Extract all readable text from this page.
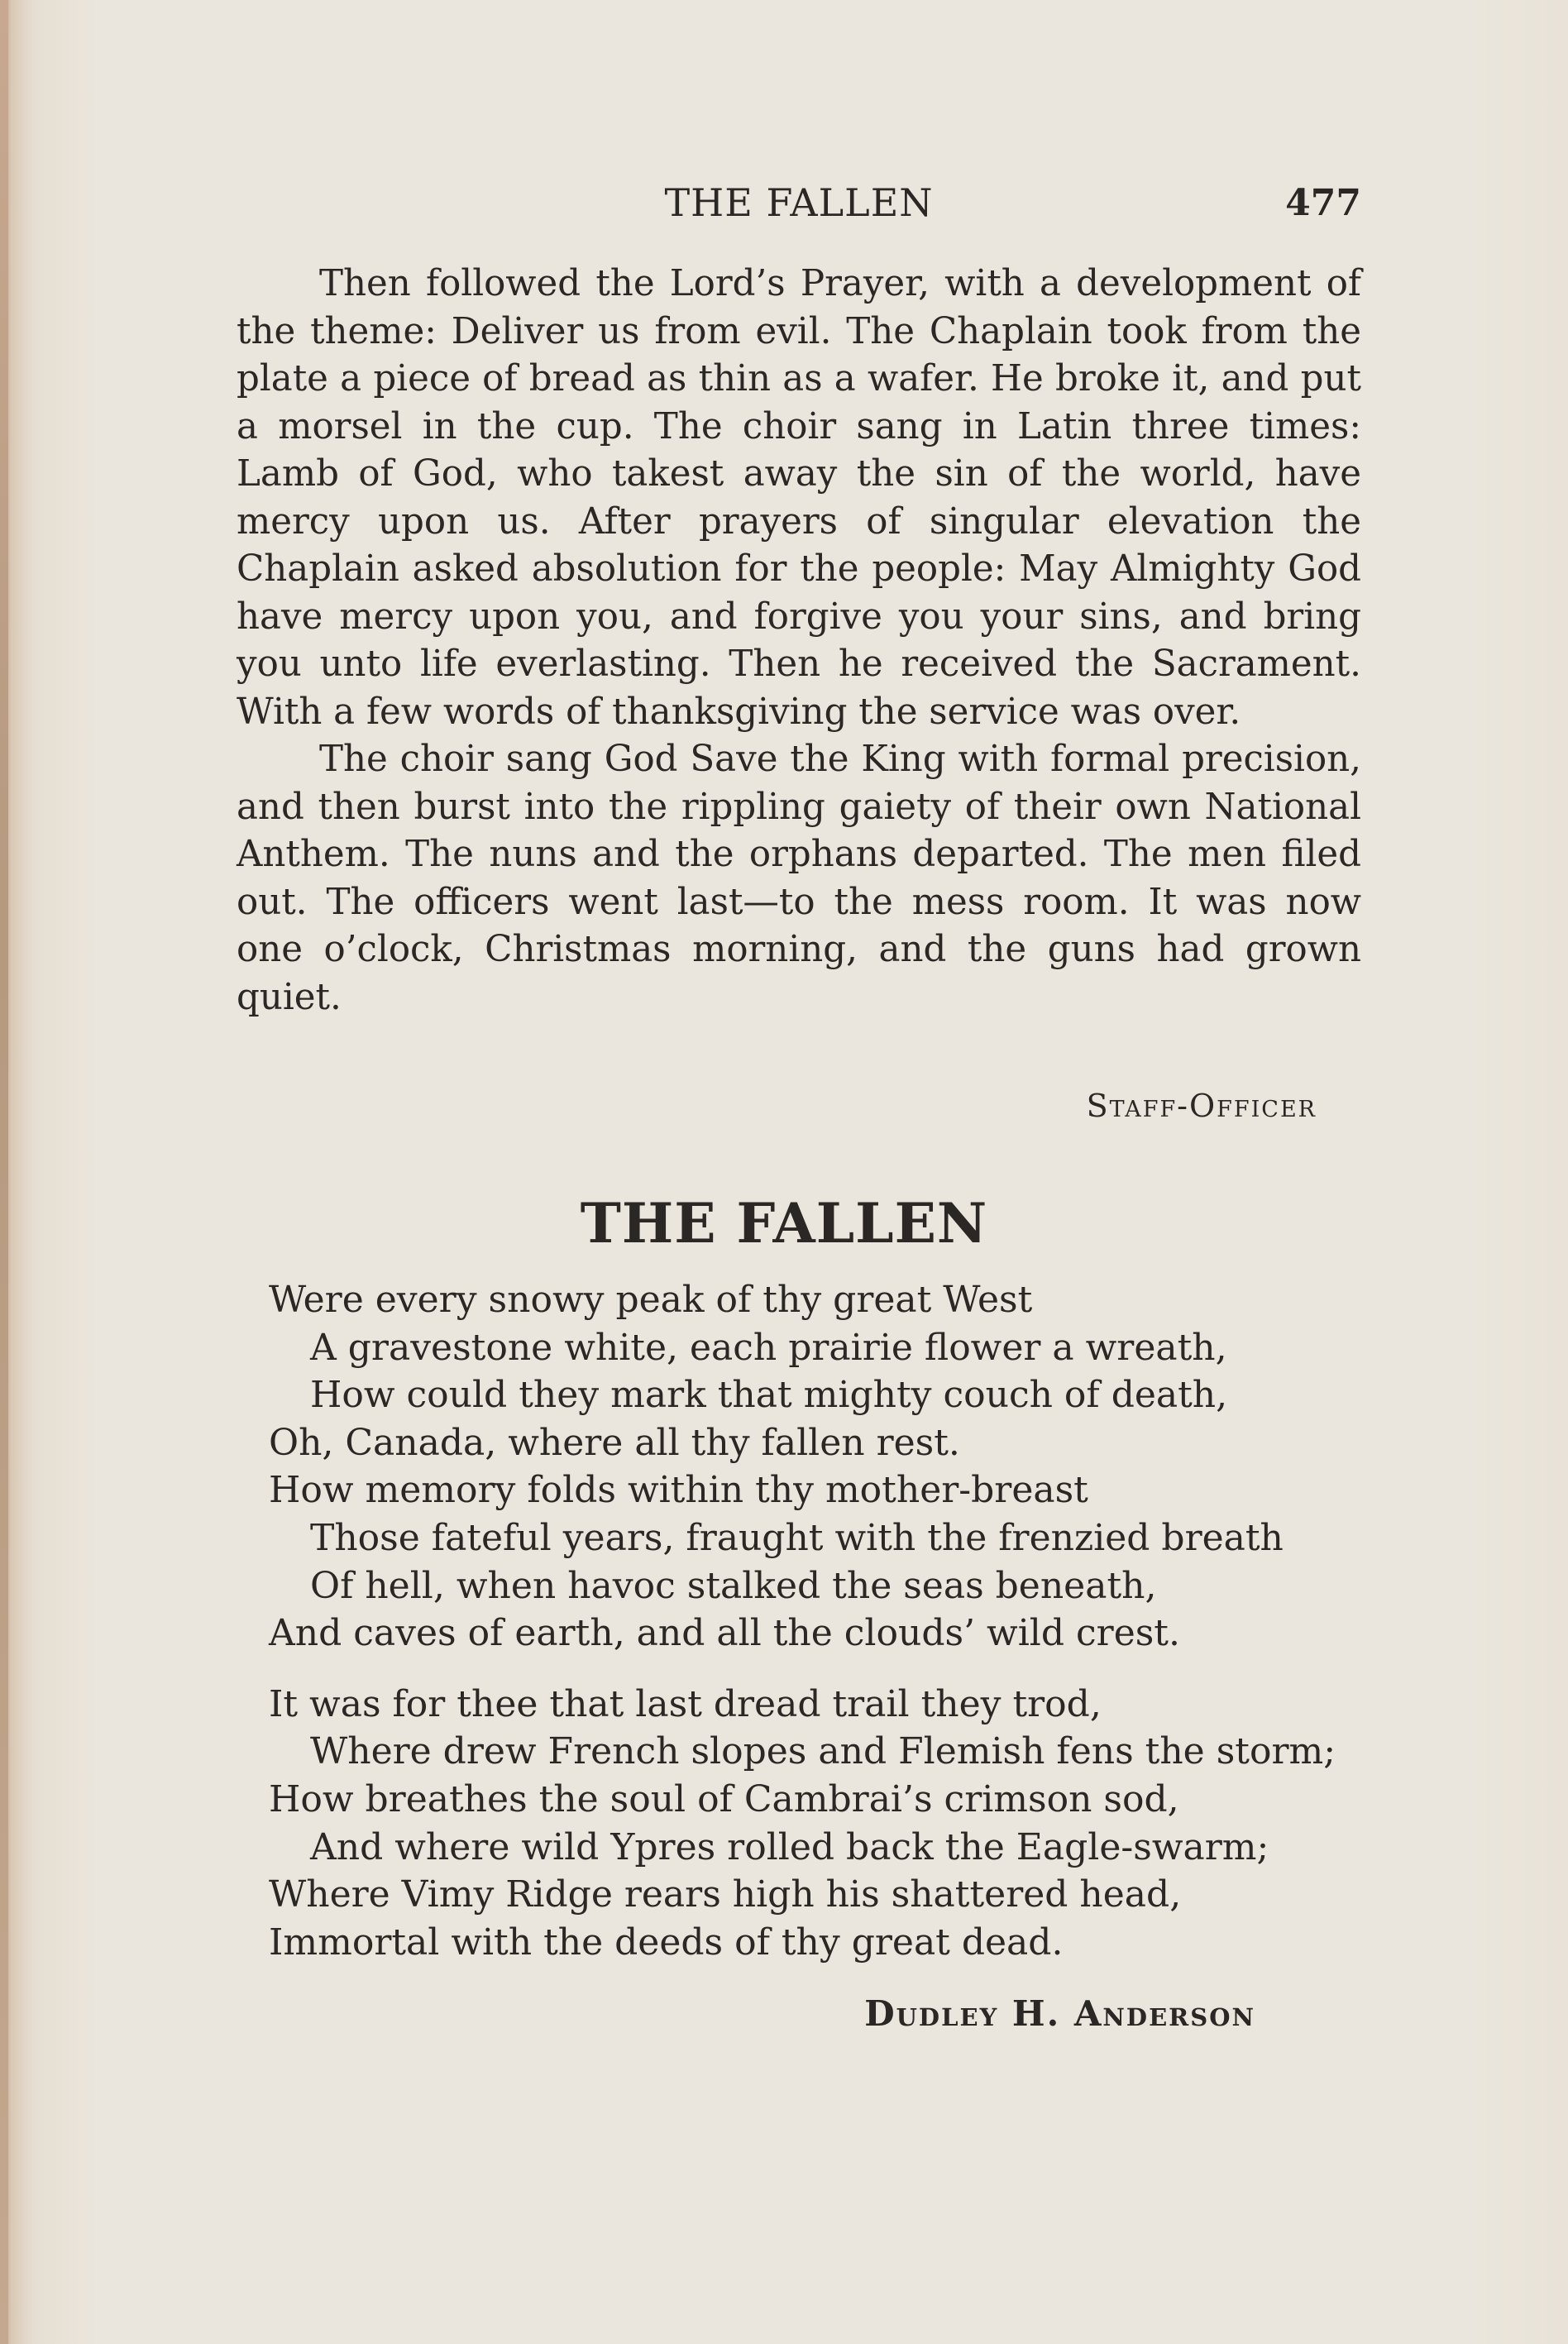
THE FALLEN	477

Then followed the Lord’s Prayer, with a development of the theme: Deliver us from evil. The Chaplain took from the plate a piece of bread as thin as a wafer. He broke it, and put a morsel in the cup. The choir sang in Latin three times: Lamb of God, who takest away the sin of the world, have mercy upon us. After prayers of singular elevation the Chaplain asked absolution for the people: May Almighty God have mercy upon you, and forgive you your sins, and bring you unto life everlasting. Then he received the Sacrament. With a few words of thanksgiving the service was over.

The choir sang God Save the King with formal precision, and then burst into the rippling gaiety of their own National Anthem. The nuns and the orphans departed. The men filed out. The officers went last—to the mess room. It was now one o’clock, Christmas morning, and the guns had grown quiet.

Staff-Officer
THE FALLEN
Were every snowy peak of thy great West
A gravestone white, each prairie flower a wreath,
How could they mark that mighty couch of death,
Oh, Canada, where all thy fallen rest.
How memory folds within thy mother-breast
Those fateful years, fraught with the frenzied breath
Of hell, when havoc stalked the seas beneath,
And caves of earth, and all the clouds’ wild crest.
It was for thee that last dread trail they trod,
Where drew French slopes and Flemish fens the storm;
How breathes the soul of Cambrai’s crimson sod,
And where wild Ypres rolled back the Eagle-swarm;
Where Vimy Ridge rears high his shattered head,
Immortal with the deeds of thy great dead.
Dudley H. Anderson
